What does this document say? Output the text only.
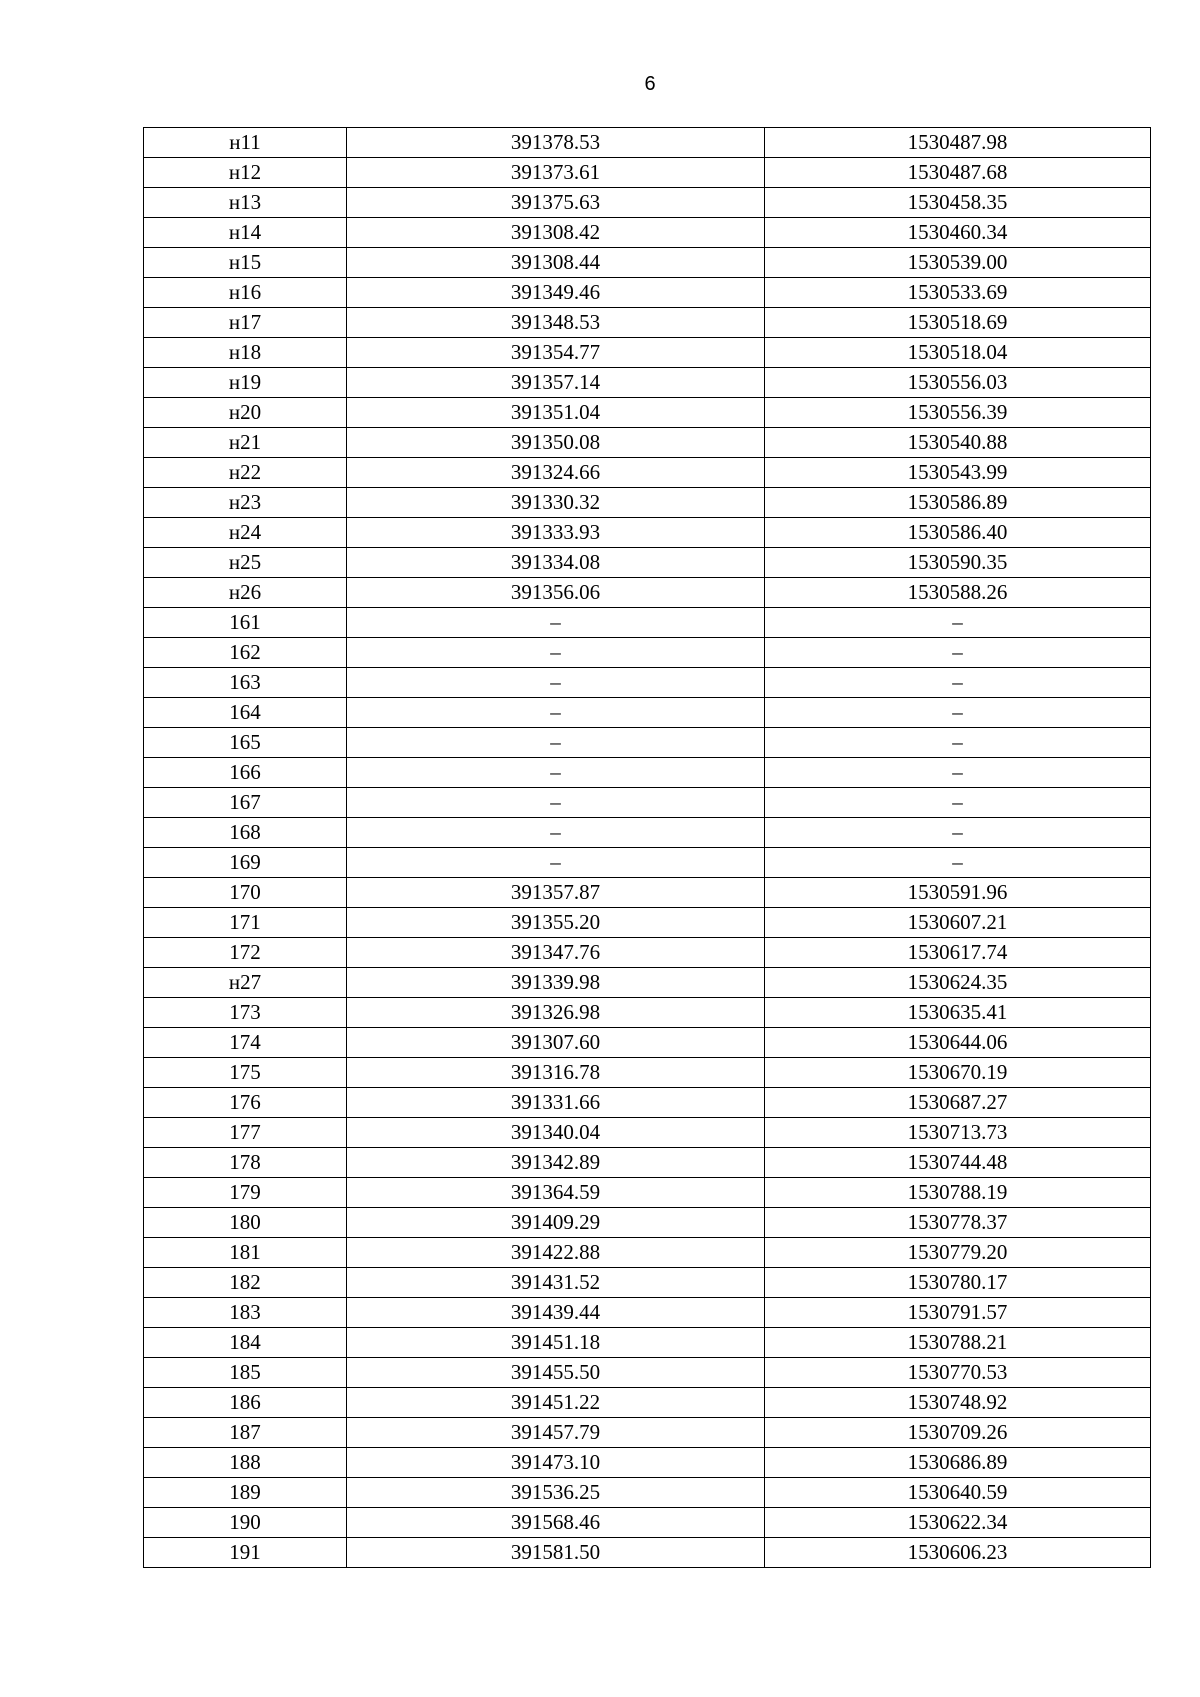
6
н11	391378.53	1530487.98
н12	391373.61	1530487.68
н13	391375.63	1530458.35
н14	391308.42	1530460.34
н15	391308.44	1530539.00
н16	391349.46	1530533.69
н17	391348.53	1530518.69
н18	391354.77	1530518.04
н19	391357.14	1530556.03
н20	391351.04	1530556.39
н21	391350.08	1530540.88
н22	391324.66	1530543.99
н23	391330.32	1530586.89
н24	391333.93	1530586.40
н25	391334.08	1530590.35
н26	391356.06	1530588.26
161	–	–
162	–	–
163	–	–
164	–	–
165	–	–
166	–	–
167	–	–
168	–	–
169	–	–
170	391357.87	1530591.96
171	391355.20	1530607.21
172	391347.76	1530617.74
н27	391339.98	1530624.35
173	391326.98	1530635.41
174	391307.60	1530644.06
175	391316.78	1530670.19
176	391331.66	1530687.27
177	391340.04	1530713.73
178	391342.89	1530744.48
179	391364.59	1530788.19
180	391409.29	1530778.37
181	391422.88	1530779.20
182	391431.52	1530780.17
183	391439.44	1530791.57
184	391451.18	1530788.21
185	391455.50	1530770.53
186	391451.22	1530748.92
187	391457.79	1530709.26
188	391473.10	1530686.89
189	391536.25	1530640.59
190	391568.46	1530622.34
191	391581.50	1530606.23
